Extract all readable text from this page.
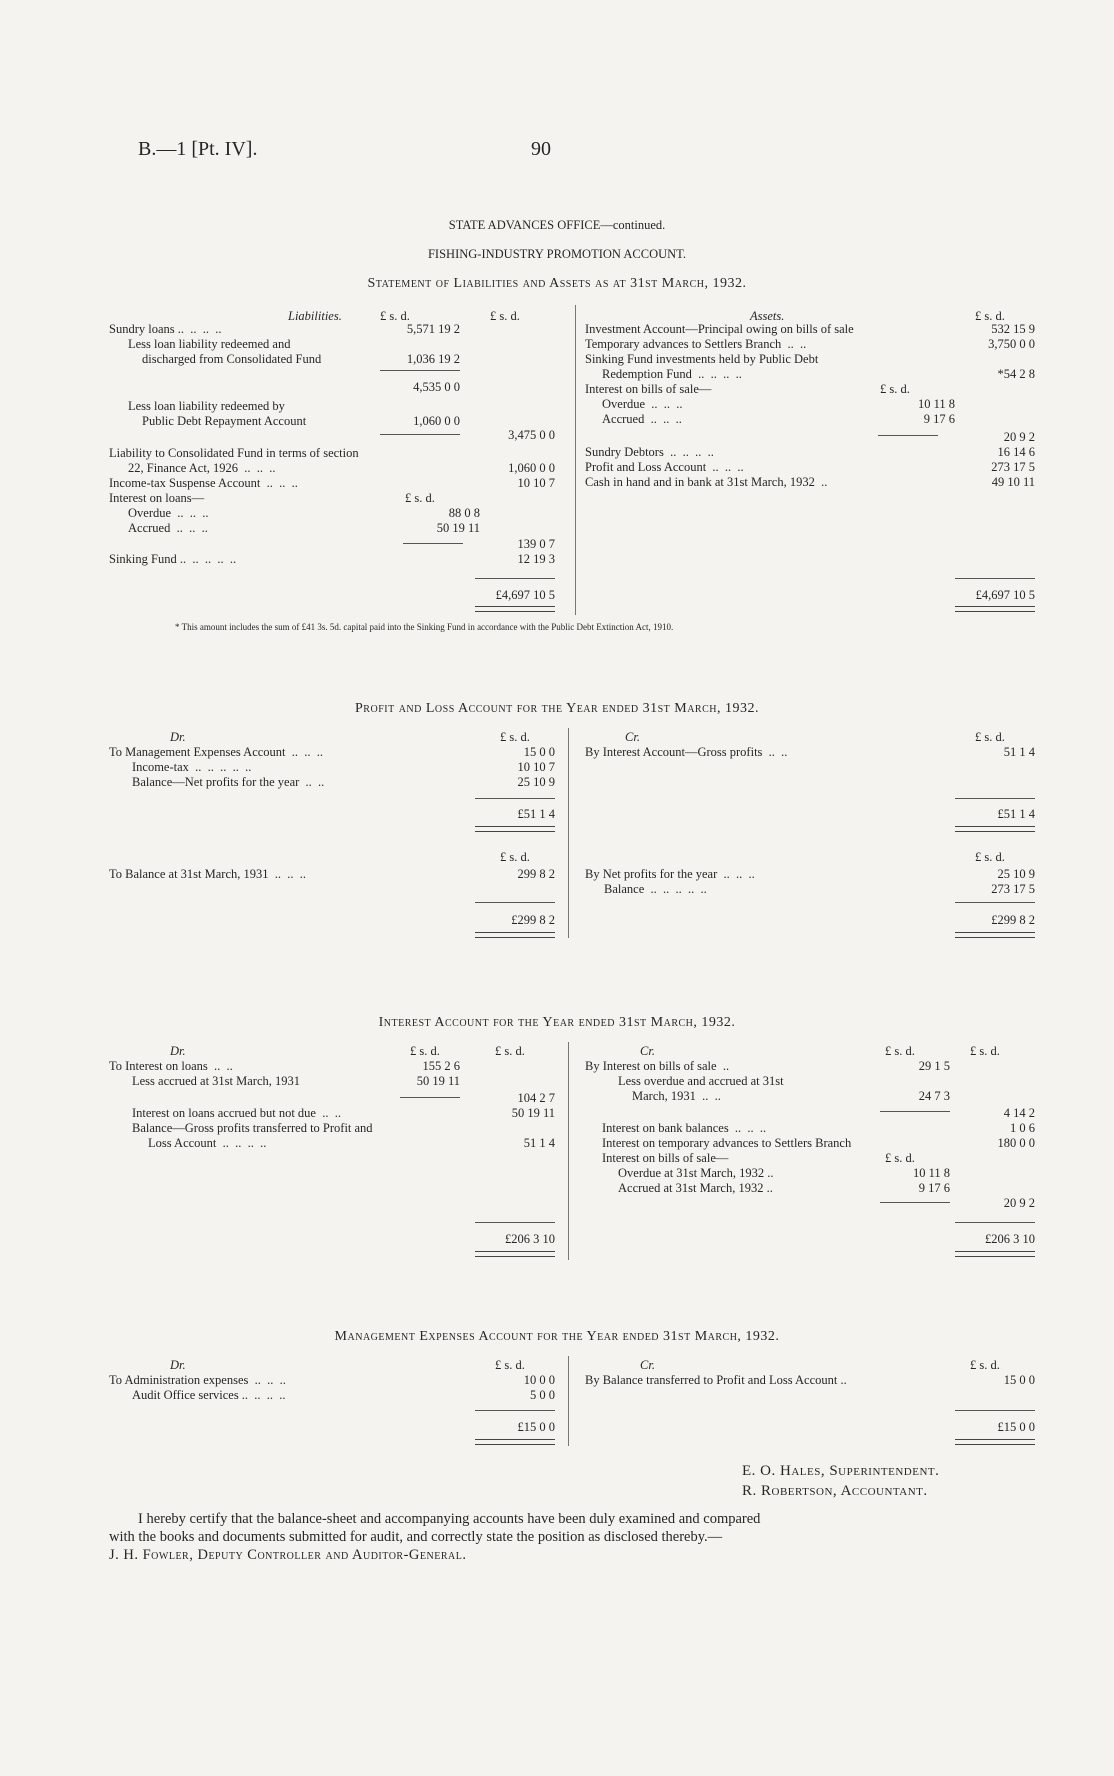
B.—1 [Pt. IV].	90
STATE ADVANCES OFFICE—continued.
FISHING-INDUSTRY PROMOTION ACCOUNT.
Statement of Liabilities and Assets as at 31st March, 1932.
Liabilities.	£ s. d.	£ s. d.
Sundry loans ..  ..  ..  ..	5,571 19 2
Less loan liability redeemed and
discharged from Consolidated Fund	1,036 19 2
4,535 0 0
Less loan liability redeemed by
Public Debt Repayment Account	1,060 0 0
3,475 0 0
Liability to Consolidated Fund in terms of section
22, Finance Act, 1926  ..  ..  ..	1,060 0 0
Income-tax Suspense Account  ..  ..  ..	10 10 7
Interest on loans—	£ s. d.
Overdue  ..  ..  ..	88 0 8
Accrued  ..  ..  ..	50 19 11
139 0 7
Sinking Fund ..  ..  ..  ..  ..	12 19 3
£4,697 10 5
Assets.	£ s. d.
Investment Account—Principal owing on bills of sale	532 15 9
Temporary advances to Settlers Branch  ..  ..	3,750 0 0
Sinking Fund investments held by Public Debt
Redemption Fund  ..  ..  ..  ..	*54 2 8
Interest on bills of sale—	£ s. d.
Overdue  ..  ..  ..	10 11 8
Accrued  ..  ..  ..	9 17 6
20 9 2
Sundry Debtors  ..  ..  ..  ..	16 14 6
Profit and Loss Account  ..  ..  ..	273 17 5
Cash in hand and in bank at 31st March, 1932  ..	49 10 11
£4,697 10 5
* This amount includes the sum of £41 3s. 5d. capital paid into the Sinking Fund in accordance with the Public Debt Extinction Act, 1910.
Profit and Loss Account for the Year ended 31st March, 1932.
Dr.	£ s. d.
To Management Expenses Account  ..  ..  ..	15 0 0
Income-tax  ..  ..  ..  ..  ..	10 10 7
Balance—Net profits for the year  ..  ..	25 10 9
£51 1 4
£ s. d.
To Balance at 31st March, 1931  ..  ..  ..	299 8 2
£299 8 2
Cr.	£ s. d.
By Interest Account—Gross profits  ..  ..	51 1 4
£51 1 4
£ s. d.
By Net profits for the year  ..  ..  ..	25 10 9
Balance  ..  ..  ..  ..  ..	273 17 5
£299 8 2
Interest Account for the Year ended 31st March, 1932.
Dr.	£ s. d.	£ s. d.
To Interest on loans  ..  ..	155 2 6
Less accrued at 31st March, 1931	50 19 11
104 2 7
Interest on loans accrued but not due  ..  ..	50 19 11
Balance—Gross profits transferred to Profit and
Loss Account  ..  ..  ..  ..	51 1 4
£206 3 10
Cr.	£ s. d.	£ s. d.
By Interest on bills of sale  ..	29 1 5
Less overdue and accrued at 31st
March, 1931  ..  ..	24 7 3
4 14 2
Interest on bank balances  ..  ..  ..	1 0 6
Interest on temporary advances to Settlers Branch	180 0 0
Interest on bills of sale—	£ s. d.
Overdue at 31st March, 1932 ..	10 11 8
Accrued at 31st March, 1932 ..	9 17 6
20 9 2
£206 3 10
Management Expenses Account for the Year ended 31st March, 1932.
Dr.	£ s. d.
To Administration expenses  ..  ..  ..	10 0 0
Audit Office services ..  ..  ..  ..	5 0 0
£15 0 0
Cr.	£ s. d.
By Balance transferred to Profit and Loss Account ..	15 0 0
£15 0 0
E. O. Hales, Superintendent.
R. Robertson, Accountant.
I hereby certify that the balance-sheet and accompanying accounts have been duly examined and compared
with the books and documents submitted for audit, and correctly state the position as disclosed thereby.—
J. H. Fowler, Deputy Controller and Auditor-General.
